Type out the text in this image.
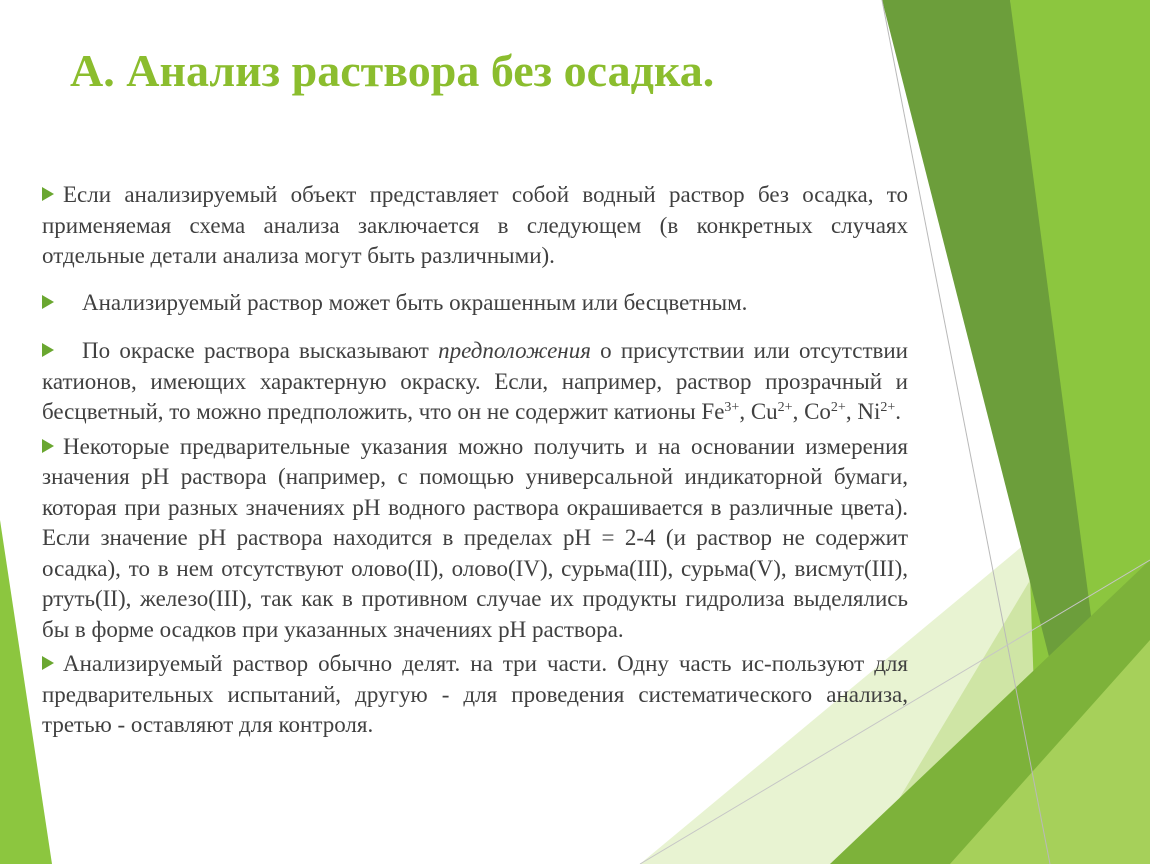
А. Анализ раствора без осадка.

Если анализируемый объект представляет собой водный раствор без осадка, то применяемая схема анализа заключается в следующем (в конкретных случаях отдельные детали анализа могут быть различными).

Анализируемый раствор может быть окрашенным или бесцветным.

По окраске раствора высказывают предположения о присутствии или отсутствии катионов, имеющих характерную окраску. Если, например, раствор прозрачный и бесцветный, то можно предположить, что он не содержит катионы $Fe^{3+}$, $Cu^{2+}$, $Co^{2+}$, $Ni^{2+}$.

Некоторые предварительные указания можно получить и на основании измерения значения рН раствора (например, с помощью универсальной индикаторной бумаги, которая при разных значениях рН водного раствора окрашивается в различные цвета). Если значение рН раствора находится в пределах рН = 2-4 (и раствор не содержит осадка), то в нем отсутствуют олово(II), олово(IV), сурьма(III), сурьма(V), висмут(III), ртуть(II), железо(III), так как в противном случае их продукты гидролиза выделялись бы в форме осадков при указанных значениях рН раствора.

Анализируемый раствор обычно делят. на три части. Одну часть ис-пользуют для предварительных испытаний, другую - для проведения систематического анализа, третью - оставляют для контроля.
